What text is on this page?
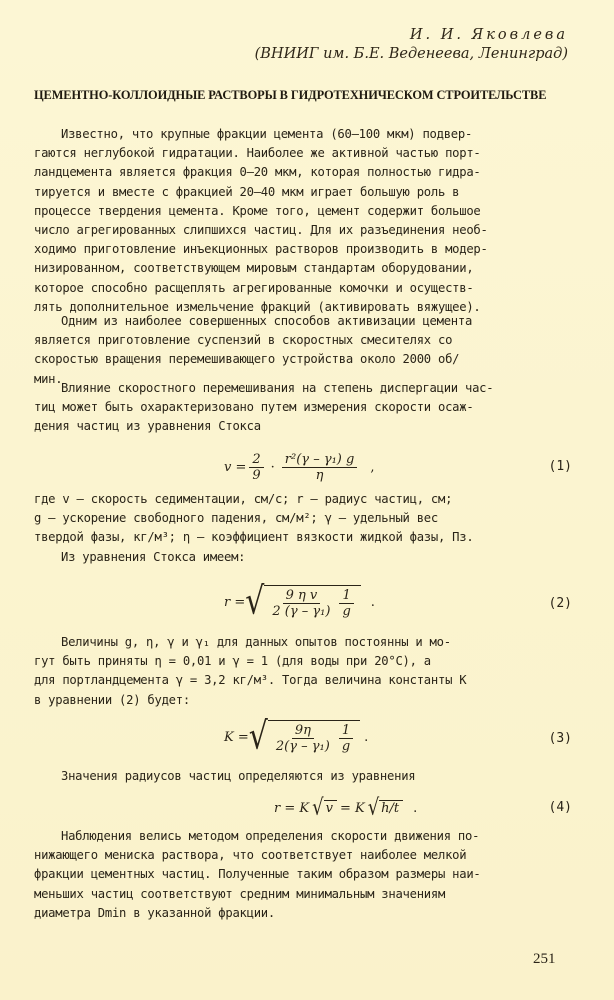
И. И. Яковлева
(ВНИИГ им. Б.Е. Веденеева, Ленинград)
ЦЕМЕНТНО-КОЛЛОИДНЫЕ РАСТВОРЫ В ГИДРОТЕХНИЧЕСКОМ СТРОИТЕЛЬСТВЕ
Известно, что крупные фракции цемента (60–100 мкм) подвер-
гаются неглубокой гидратации. Наиболее же активной частью порт-
ландцемента является фракция 0–20 мкм, которая полностью гидра-
тируется и вместе с фракцией 20–40 мкм играет большую роль в
процессе твердения цемента. Кроме того, цемент содержит большое
число агрегированных слипшихся частиц. Для их разъединения необ-
ходимо приготовление инъекционных растворов производить в модер-
низированном, соответствующем мировым стандартам оборудовании,
которое способно расщеплять агрегированные комочки и осуществ-
лять дополнительное измельчение фракций (активировать вяжущее).
Одним из наиболее совершенных способов активизации цемента
является приготовление суспензий в скоростных смесителях со
скоростью вращения перемешивающего устройства около 2000 об/
мин.
Влияние скоростного перемешивания на степень диспергации час-
тиц может быть охарактеризовано путем измерения скорости осаж-
дения частиц из уравнения Стокса
$v = \frac{2}{9} \cdot \frac{\text{r²(γ – γ₁) g}}{\eta}$ ,	(1)
где v – скорость седиментации, см/с; r – радиус частиц, см;
g – ускорение свободного падения, см/м²; γ – удельный вес
твердой фазы, кг/м³; η – коэффициент вязкости жидкой фазы, Пз.
Из уравнения Стокса имеем:
r = √ $\frac{\text{9 η v}}{\text{2 (γ – γ₁)}} \frac{1}{g}$ .	(2)
Величины g, η, γ и γ₁ для данных опытов постоянны и мо-
гут быть приняты η = 0,01 и γ = 1 (для воды при 20°С), а
для портландцемента γ = 3,2 кг/м³. Тогда величина константы К
в уравнении (2) будет:
K = √ $\frac{9\eta}{\text{2(γ – γ₁)}} \frac{1}{g}$ .	(3)
Значения радиусов частиц определяются из уравнения
r = K √ v = K √ h/t	.	(4)
Наблюдения велись методом определения скорости движения по-
нижающего мениска раствора, что соответствует наиболее мелкой
фракции цементных частиц. Полученные таким образом размеры наи-
меньших частиц соответствуют средним минимальным значениям
диаметра Dmin в указанной фракции.
251
